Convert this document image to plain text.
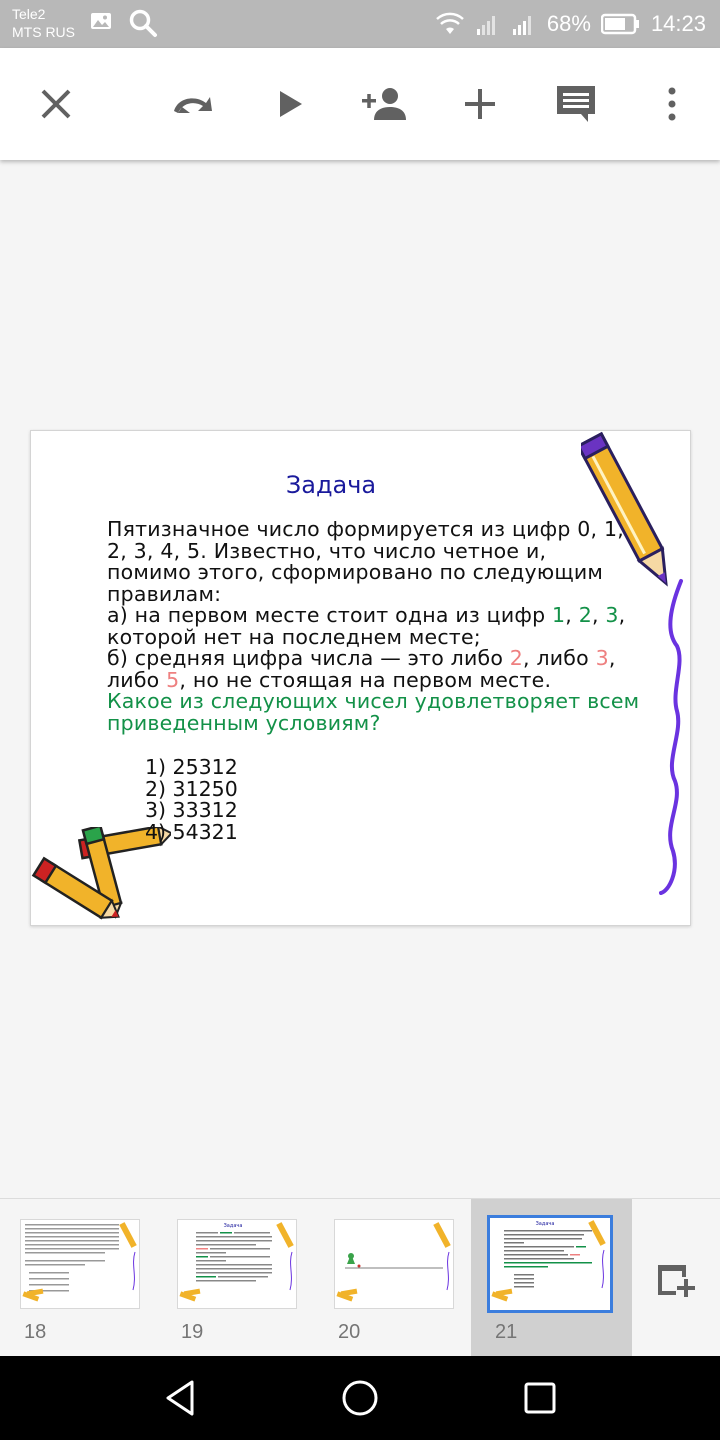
Tele2
MTS RUS	68%	14:23
Задача
Пятизначное число формируется из цифр 0, 1,
2, 3, 4, 5. Известно, что число четное и,
помимо этого, сформировано по следующим
правилам:
а) на первом месте стоит одна из цифр 1, 2, 3,
которой нет на последнем месте;
б) средняя цифра числа — это либо 2, либо 3,
либо 5, но не стоящая на первом месте.
Какое из следующих чисел удовлетворяет всем
приведенным условиям?
1) 25312
2) 31250
3) 33312
4) 54321
18
Задача
19	20
Задача
21
